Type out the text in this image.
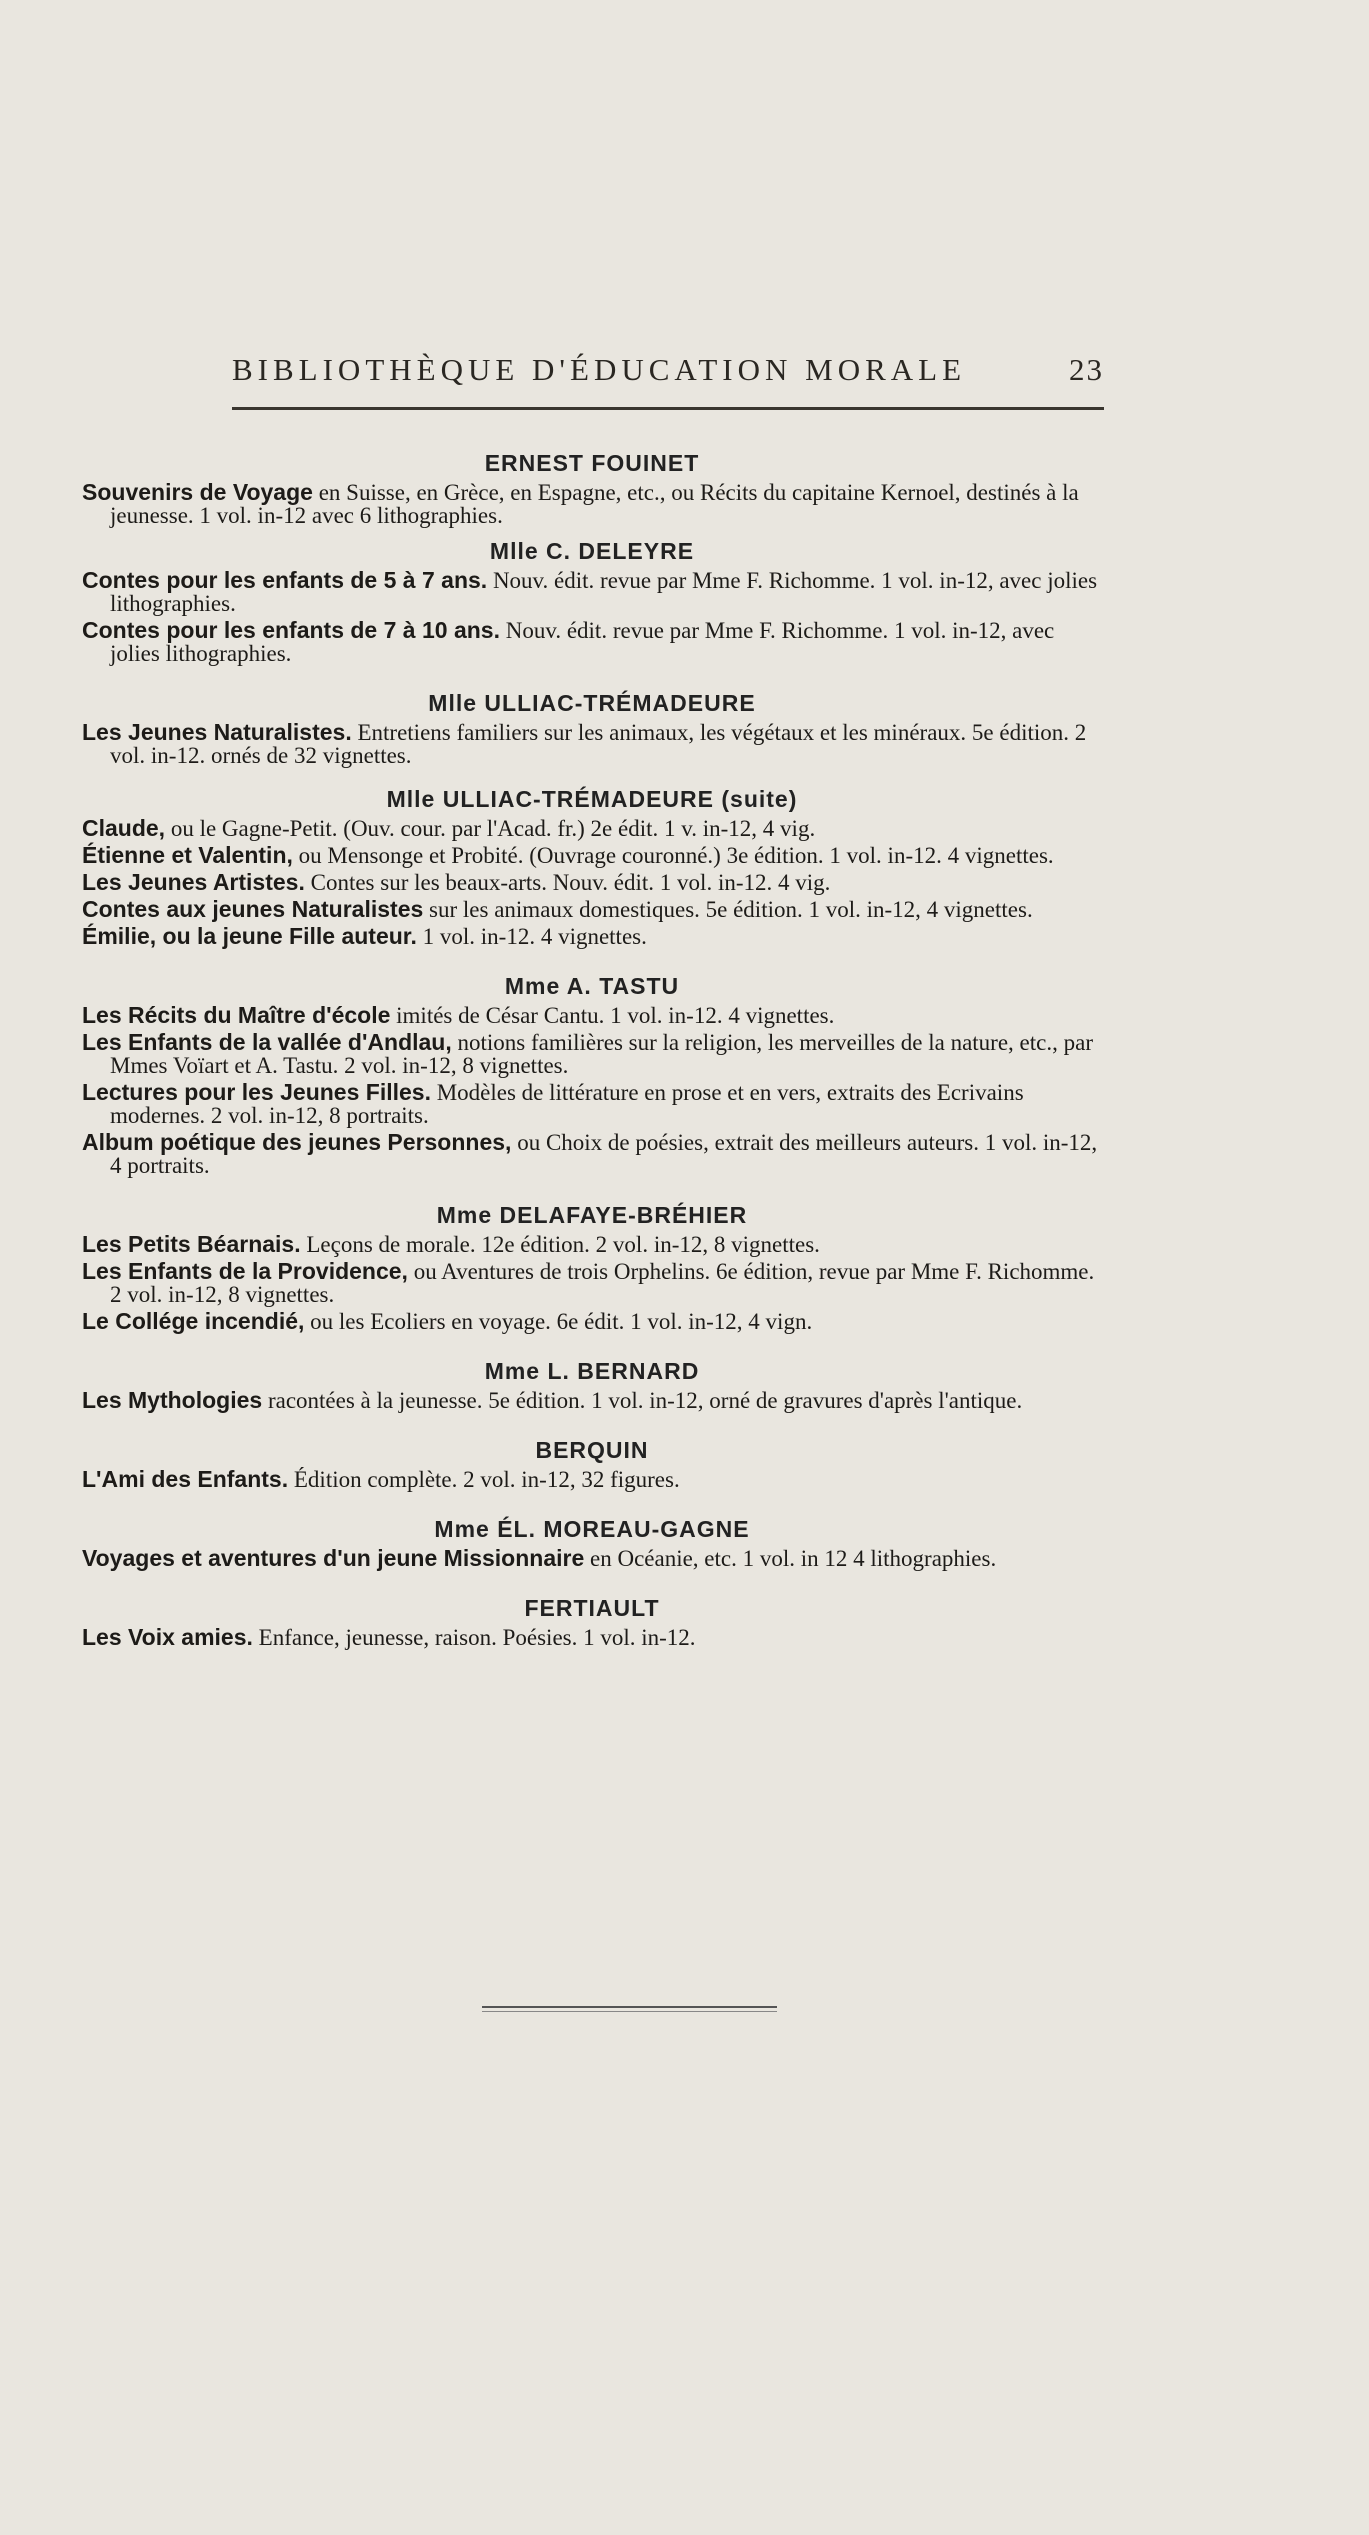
BIBLIOTHÈQUE D'ÉDUCATION MORALE	23
ERNEST FOUINET

Souvenirs de Voyage en Suisse, en Grèce, en Espagne, etc., ou Récits du capitaine Kernoel, destinés à la jeunesse. 1 vol. in-12 avec 6 lithographies.

Mlle C. DELEYRE

Contes pour les enfants de 5 à 7 ans. Nouv. édit. revue par Mme F. Richomme. 1 vol. in-12, avec jolies lithographies.

Contes pour les enfants de 7 à 10 ans. Nouv. édit. revue par Mme F. Richomme. 1 vol. in-12, avec jolies lithographies.

Mlle ULLIAC-TRÉMADEURE

Les Jeunes Naturalistes. Entretiens familiers sur les animaux, les végétaux et les minéraux. 5e édition. 2 vol. in-12. ornés de 32 vignettes.

Mlle ULLIAC-TRÉMADEURE (suite)

Claude, ou le Gagne-Petit. (Ouv. cour. par l'Acad. fr.) 2e édit. 1 v. in-12, 4 vig.

Étienne et Valentin, ou Mensonge et Probité. (Ouvrage couronné.) 3e édition. 1 vol. in-12. 4 vignettes.

Les Jeunes Artistes. Contes sur les beaux-arts. Nouv. édit. 1 vol. in-12. 4 vig.

Contes aux jeunes Naturalistes sur les animaux domestiques. 5e édition. 1 vol. in-12, 4 vignettes.

Émilie, ou la jeune Fille auteur. 1 vol. in-12. 4 vignettes.

Mme A. TASTU

Les Récits du Maître d'école imités de César Cantu. 1 vol. in-12. 4 vignettes.

Les Enfants de la vallée d'Andlau, notions familières sur la religion, les merveilles de la nature, etc., par Mmes Voïart et A. Tastu. 2 vol. in-12, 8 vignettes.

Lectures pour les Jeunes Filles. Modèles de littérature en prose et en vers, extraits des Ecrivains modernes. 2 vol. in-12, 8 portraits.

Album poétique des jeunes Personnes, ou Choix de poésies, extrait des meilleurs auteurs. 1 vol. in-12, 4 portraits.

Mme DELAFAYE-BRÉHIER

Les Petits Béarnais. Leçons de morale. 12e édition. 2 vol. in-12, 8 vignettes.

Les Enfants de la Providence, ou Aventures de trois Orphelins. 6e édition, revue par Mme F. Richomme. 2 vol. in-12, 8 vignettes.

Le Collége incendié, ou les Ecoliers en voyage. 6e édit. 1 vol. in-12, 4 vign.

Mme L. BERNARD

Les Mythologies racontées à la jeunesse. 5e édition. 1 vol. in-12, orné de gravures d'après l'antique.

BERQUIN

L'Ami des Enfants. Édition complète. 2 vol. in-12, 32 figures.

Mme ÉL. MOREAU-GAGNE

Voyages et aventures d'un jeune Missionnaire en Océanie, etc. 1 vol. in 12 4 lithographies.

FERTIAULT

Les Voix amies. Enfance, jeunesse, raison. Poésies. 1 vol. in-12.
